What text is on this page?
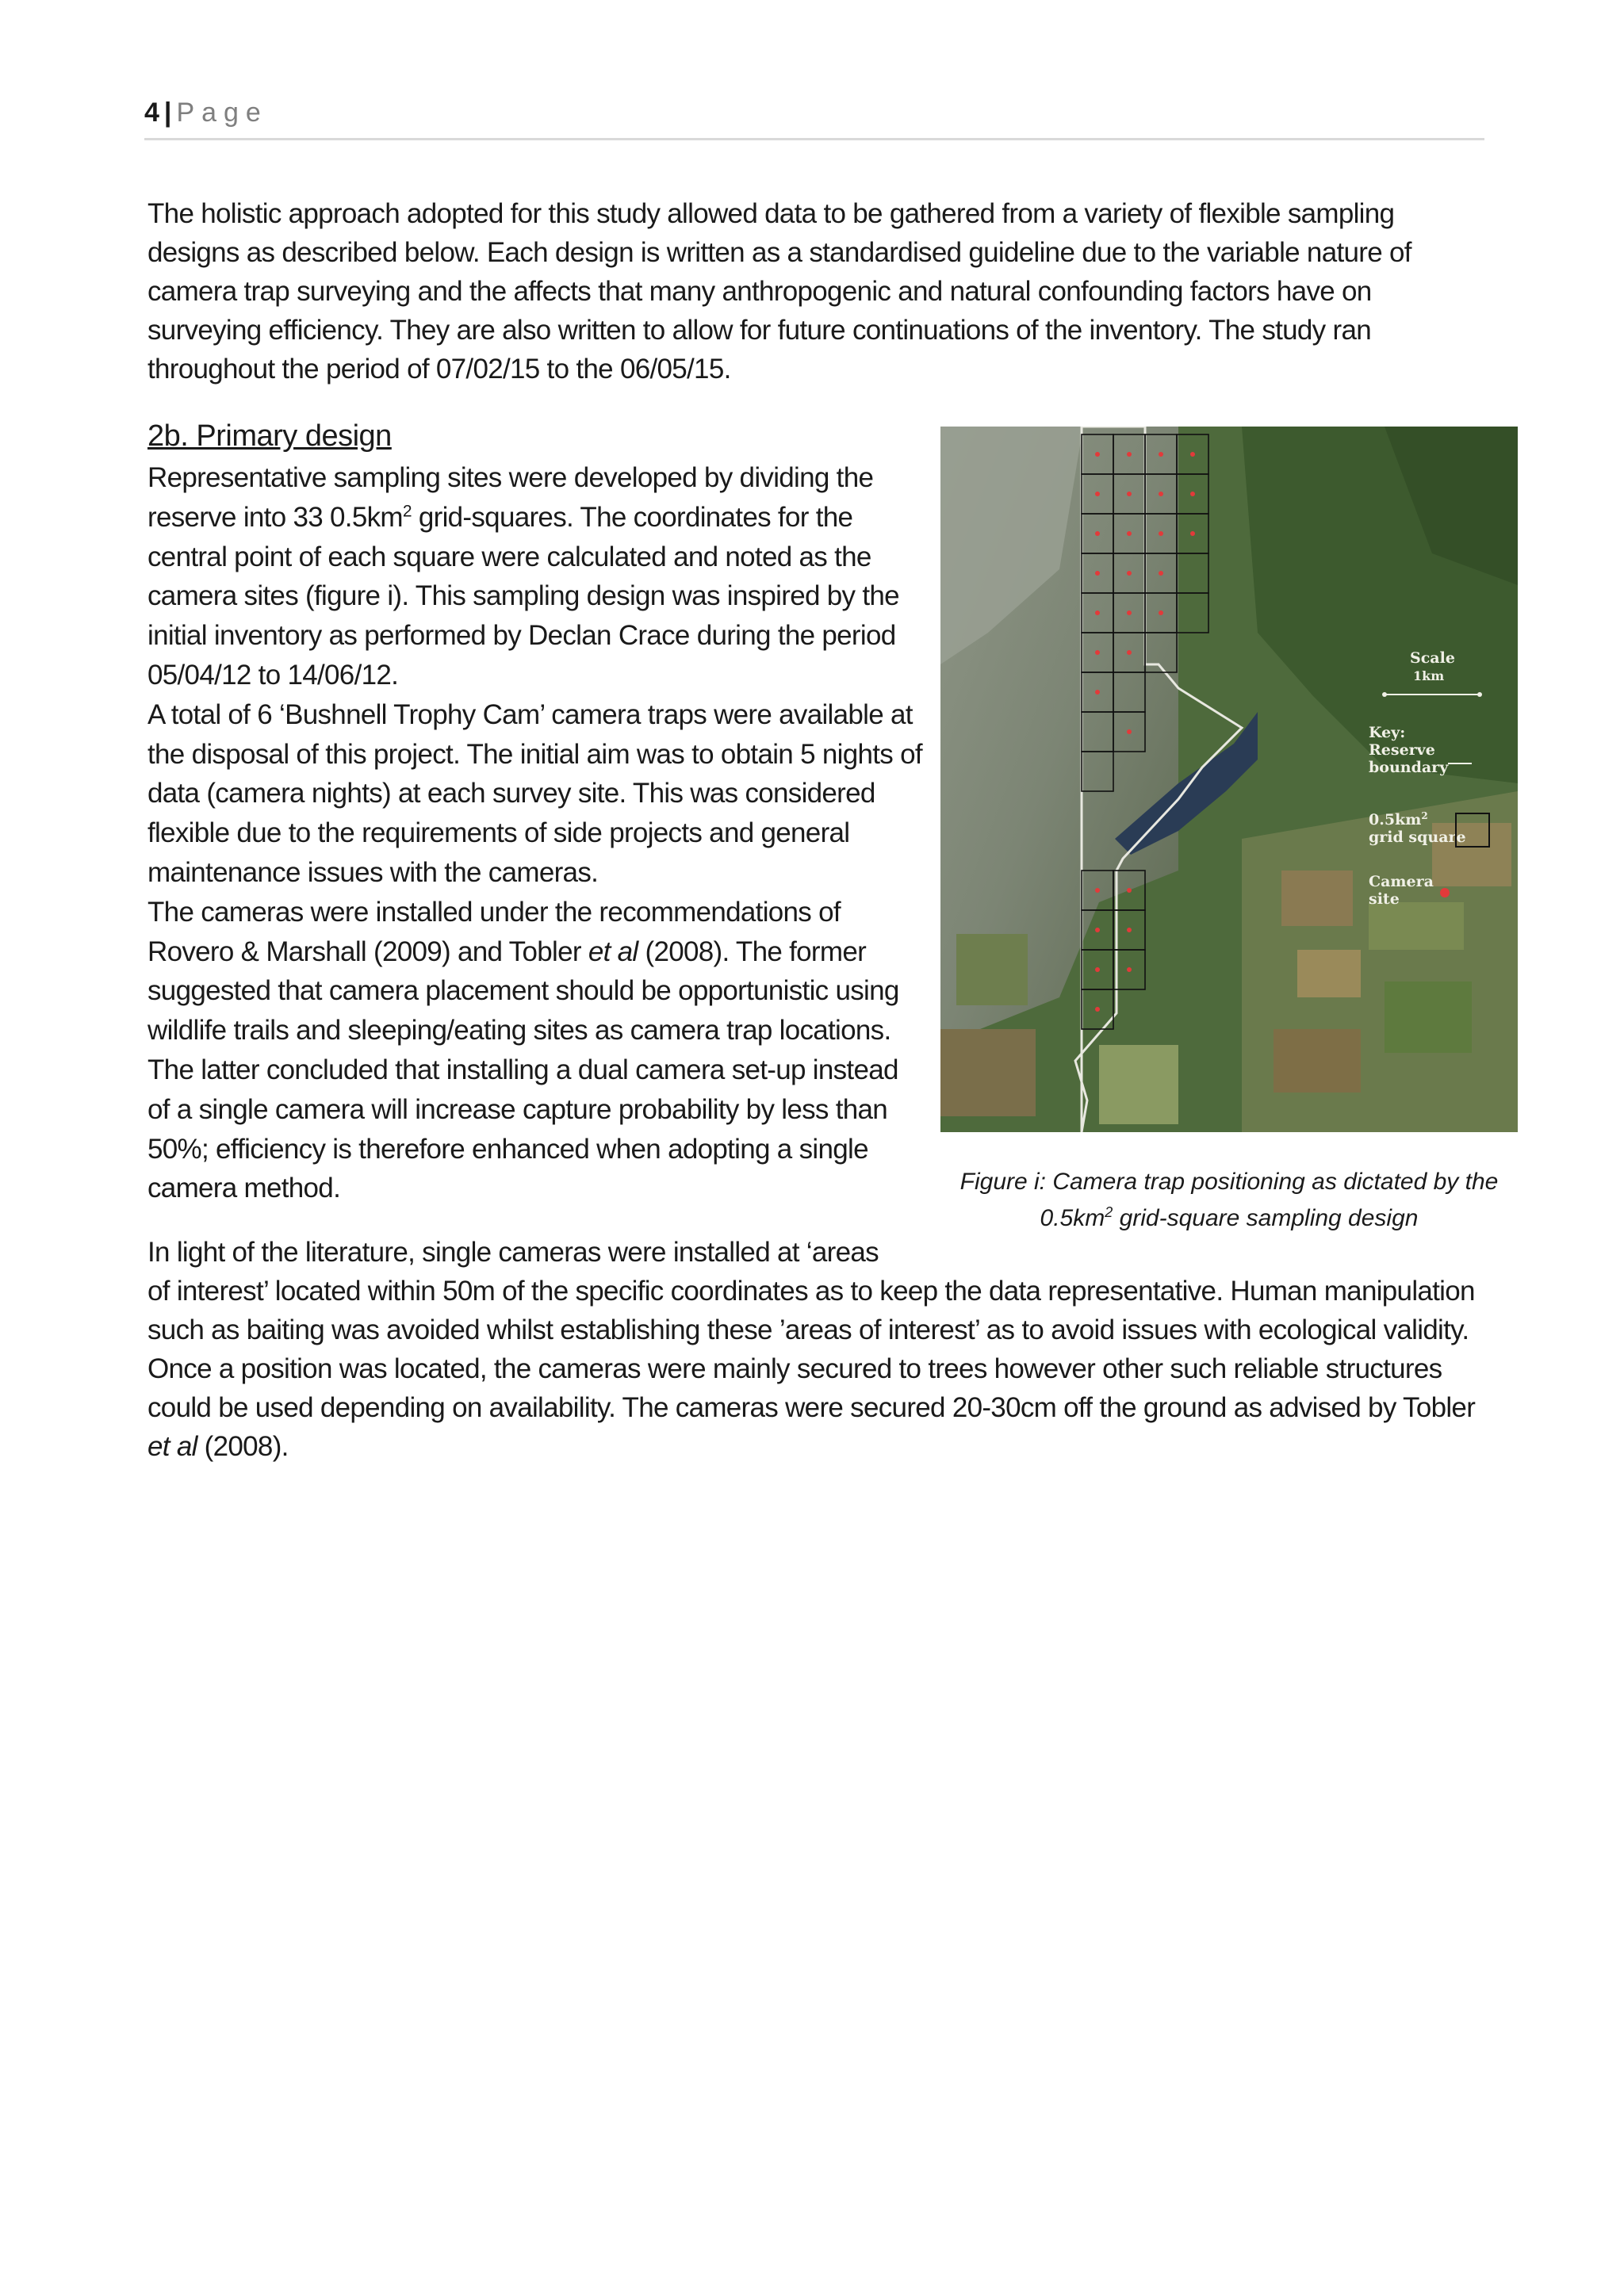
4 | Page

The holistic approach adopted for this study allowed data to be gathered from a variety of flexible sampling designs as described below. Each design is written as a standardised guideline due to the variable nature of camera trap surveying and the affects that many anthropogenic and natural confounding factors have on surveying efficiency. They are also written to allow for future continuations of the inventory. The study ran throughout the period of 07/02/15 to the 06/05/15.

2b. Primary design

Representative sampling sites were developed by dividing the reserve into 33 $0.5km^2$ grid-squares. The coordinates for the central point of each square were calculated and noted as the camera sites (figure i). This sampling design was inspired by the initial inventory as performed by Declan Crace during the period 05/04/12 to 14/06/12.
A total of 6 ‘Bushnell Trophy Cam’ camera traps were available at the disposal of this project. The initial aim was to obtain 5 nights of data (camera nights) at each survey site. This was considered flexible due to the requirements of side projects and general maintenance issues with the cameras.
The cameras were installed under the recommendations of Rovero & Marshall (2009) and Tobler et al (2008). The former suggested that camera placement should be opportunistic using wildlife trails and sleeping/eating sites as camera trap locations. The latter concluded that installing a dual camera set-up instead of a single camera will increase capture probability by less than 50%; efficiency is therefore enhanced when adopting a single camera method.

Scale
1km
Key:
Reserve
boundary
$0.5km^2$
grid square
Camera
site

Figure i: Camera trap positioning as dictated by the $0.5km^2$ grid-square sampling design

In light of the literature, single cameras were installed at ‘areas
of interest’ located within 50m of the specific coordinates as to keep the data representative. Human manipulation such as baiting was avoided whilst establishing these ’areas of interest’ as to avoid issues with ecological validity. Once a position was located, the cameras were mainly secured to trees however other such reliable structures could be used depending on availability. The cameras were secured 20-30cm off the ground as advised by Tobler et al (2008).
